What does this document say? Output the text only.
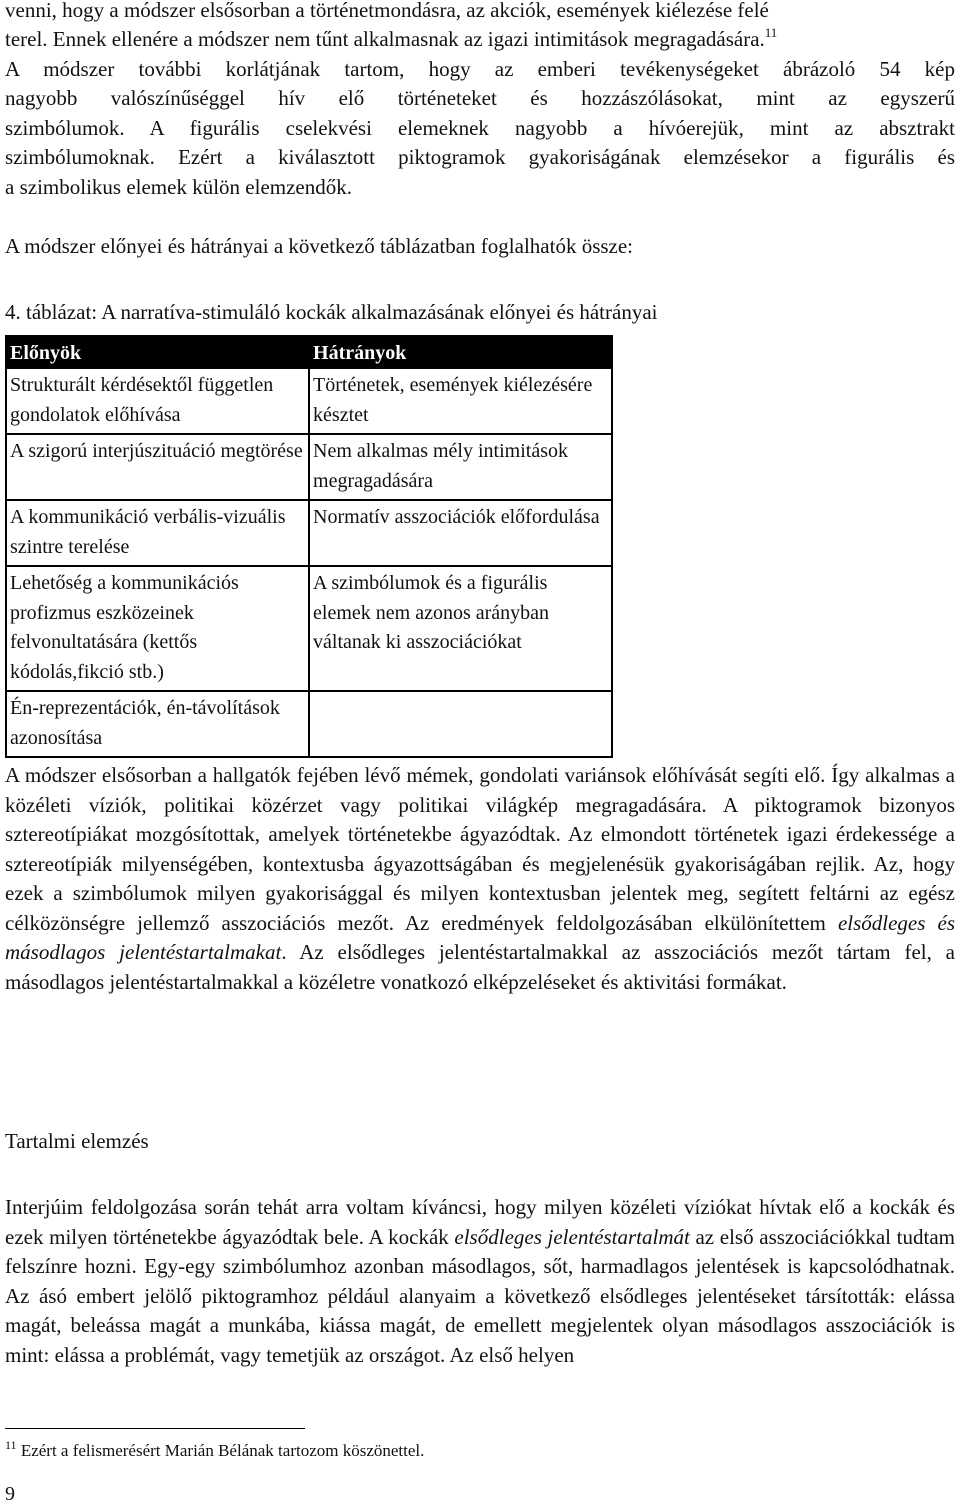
venni, hogy a módszer elsősorban a történetmondásra, az akciók, események kiélezése felé

terel. Ennek ellenére a módszer nem tűnt alkalmasnak az igazi intimitások megragadására.$^{11}$

A módszer további korlátjának tartom, hogy az emberi tevékenységeket ábrázoló 54 kép

nagyobb valószínűséggel hív elő történeteket és hozzászólásokat, mint az egyszerű

szimbólumok. A figurális cselekvési elemeknek nagyobb a hívóerejük, mint az absztrakt

szimbólumoknak. Ezért a kiválasztott piktogramok gyakoriságának elemzésekor a figurális és

a szimbolikus elemek külön elemzendők.

A módszer előnyei és hátrányai a következő táblázatban foglalhatók össze:

4. táblázat: A narratíva-stimuláló kockák alkalmazásának előnyei és hátrányai

Előnyök	Hátrányok
Strukturált kérdésektől független gondolatok előhívása	Történetek, események kiélezésére késztet
A szigorú interjúszituáció megtörése	Nem alkalmas mély intimitások megragadására
A kommunikáció verbális-vizuális szintre terelése	Normatív asszociációk előfordulása
Lehetőség a kommunikációs profizmus eszközeinek felvonultatására (kettős kódolás,fikció stb.)	A szimbólumok és a figurális elemek nem azonos arányban váltanak ki asszociációkat
Én-reprezentációk, én-távolítások azonosítása	

A módszer elsősorban a hallgatók fejében lévő mémek, gondolati variánsok előhívását segíti elő. Így alkalmas a közéleti víziók, politikai közérzet vagy politikai világkép megragadására. A piktogramok bizonyos sztereotípiákat mozgósítottak, amelyek történetekbe ágyazódtak. Az elmondott történetek igazi érdekessége a sztereotípiák milyenségében, kontextusba ágyazottságában és megjelenésük gyakoriságában rejlik. Az, hogy ezek a szimbólumok milyen gyakorisággal és milyen kontextusban jelentek meg, segített feltárni az egész célközönségre jellemző asszociációs mezőt. Az eredmények feldolgozásában elkülönítettem elsődleges és másodlagos jelentéstartalmakat. Az elsődleges jelentéstartalmakkal az asszociációs mezőt tártam fel, a másodlagos jelentéstartalmakkal a közéletre vonatkozó elképzeléseket és aktivitási formákat.

Tartalmi elemzés

Interjúim feldolgozása során tehát arra voltam kíváncsi, hogy milyen közéleti víziókat hívtak elő a kockák és ezek milyen történetekbe ágyazódtak bele. A kockák elsődleges jelentéstartalmát az első asszociációkkal tudtam felszínre hozni. Egy-egy szimbólumhoz azonban másodlagos, sőt, harmadlagos jelentések is kapcsolódhatnak. Az ásó embert jelölő piktogramhoz például alanyaim a következő elsődleges jelentéseket társították: elássa magát, beleássa magát a munkába, kiássa magát, de emellett megjelentek olyan másodlagos asszociációk is mint: elássa a problémát, vagy temetjük az országot. Az első helyen

$^{11}$ Ezért a felismerésért Marián Bélának tartozom köszönettel.

9
